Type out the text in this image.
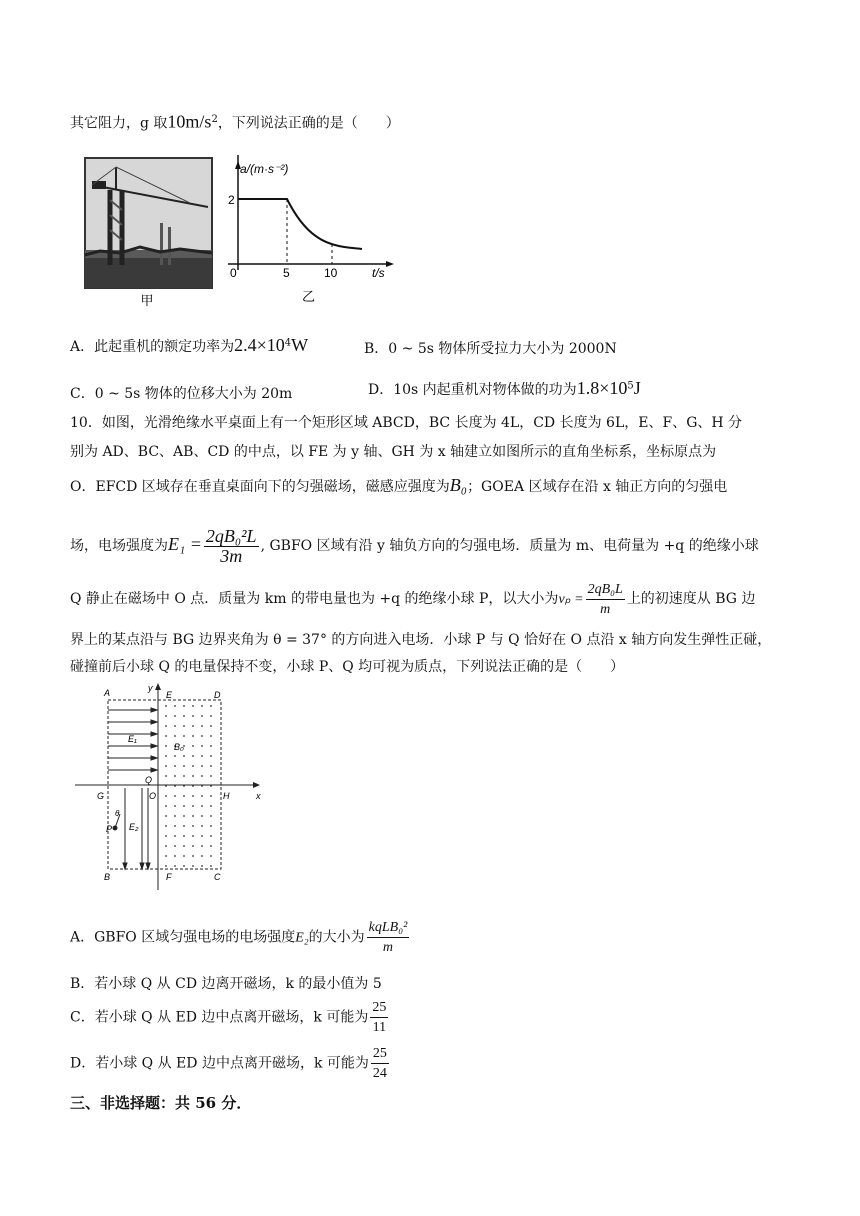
其它阻力，g 取$10m/s^2$，下列说法正确的是（　　）
甲
a/(m·s⁻²)
2
0	5	10	t/s
乙
A．此起重机的额定功率为$2.4\times 10^4W$	B．0 ~ 5s 物体所受拉力大小为 2000N
C．0 ~ 5s 物体的位移大小为 20m	D．10s 内起重机对物体做的功为$1.8\times 10^5J$
10．如图，光滑绝缘水平桌面上有一个矩形区域 ABCD，BC 长度为 4L，CD 长度为 6L，E、F、G、H 分
别为 AD、BC、AB、CD 的中点，以 FE 为 y 轴、GH 为 x 轴建立如图所示的直角坐标系，坐标原点为
O．EFCD 区域存在垂直桌面向下的匀强磁场，磁感应强度为B₀；GOEA 区域存在沿 x 轴正方向的匀强电
场，电场强度为$E_1 = \frac{\text{2qB₀²L}}{3m}$ , GBFO 区域有沿 y 轴负方向的匀强电场．质量为 m、电荷量为 +q 的绝缘小球
Q 静止在磁场中 O 点．质量为 km 的带电量也为 +q 的绝缘小球 P，以大小为$v_p = \frac{\text{2qB₀L}}{m}$ 上的初速度从 BG 边
界上的某点沿与 BG 边界夹角为 θ = 37° 的方向进入电场．小球 P 与 Q 恰好在 O 点沿 x 轴方向发生弹性正碰，
碰撞前后小球 Q 的电量保持不变，小球 P、Q 均可视为质点，下列说法正确的是（　　）
A	E	D
y
E₁
B₀
Q
G	O	H	x
P
θ
E₂
B	F	C
A．GBFO 区域匀强电场的电场强度E₂的大小为 $\frac{\text{kqLB₀²}}{m}$
B．若小球 Q 从 CD 边离开磁场，k 的最小值为 5
C．若小球 Q 从 ED 边中点离开磁场，k 可能为 $\frac{25}{11}$
D．若小球 Q 从 ED 边中点离开磁场，k 可能为 $\frac{25}{24}$
三、非选择题：共 56 分．
